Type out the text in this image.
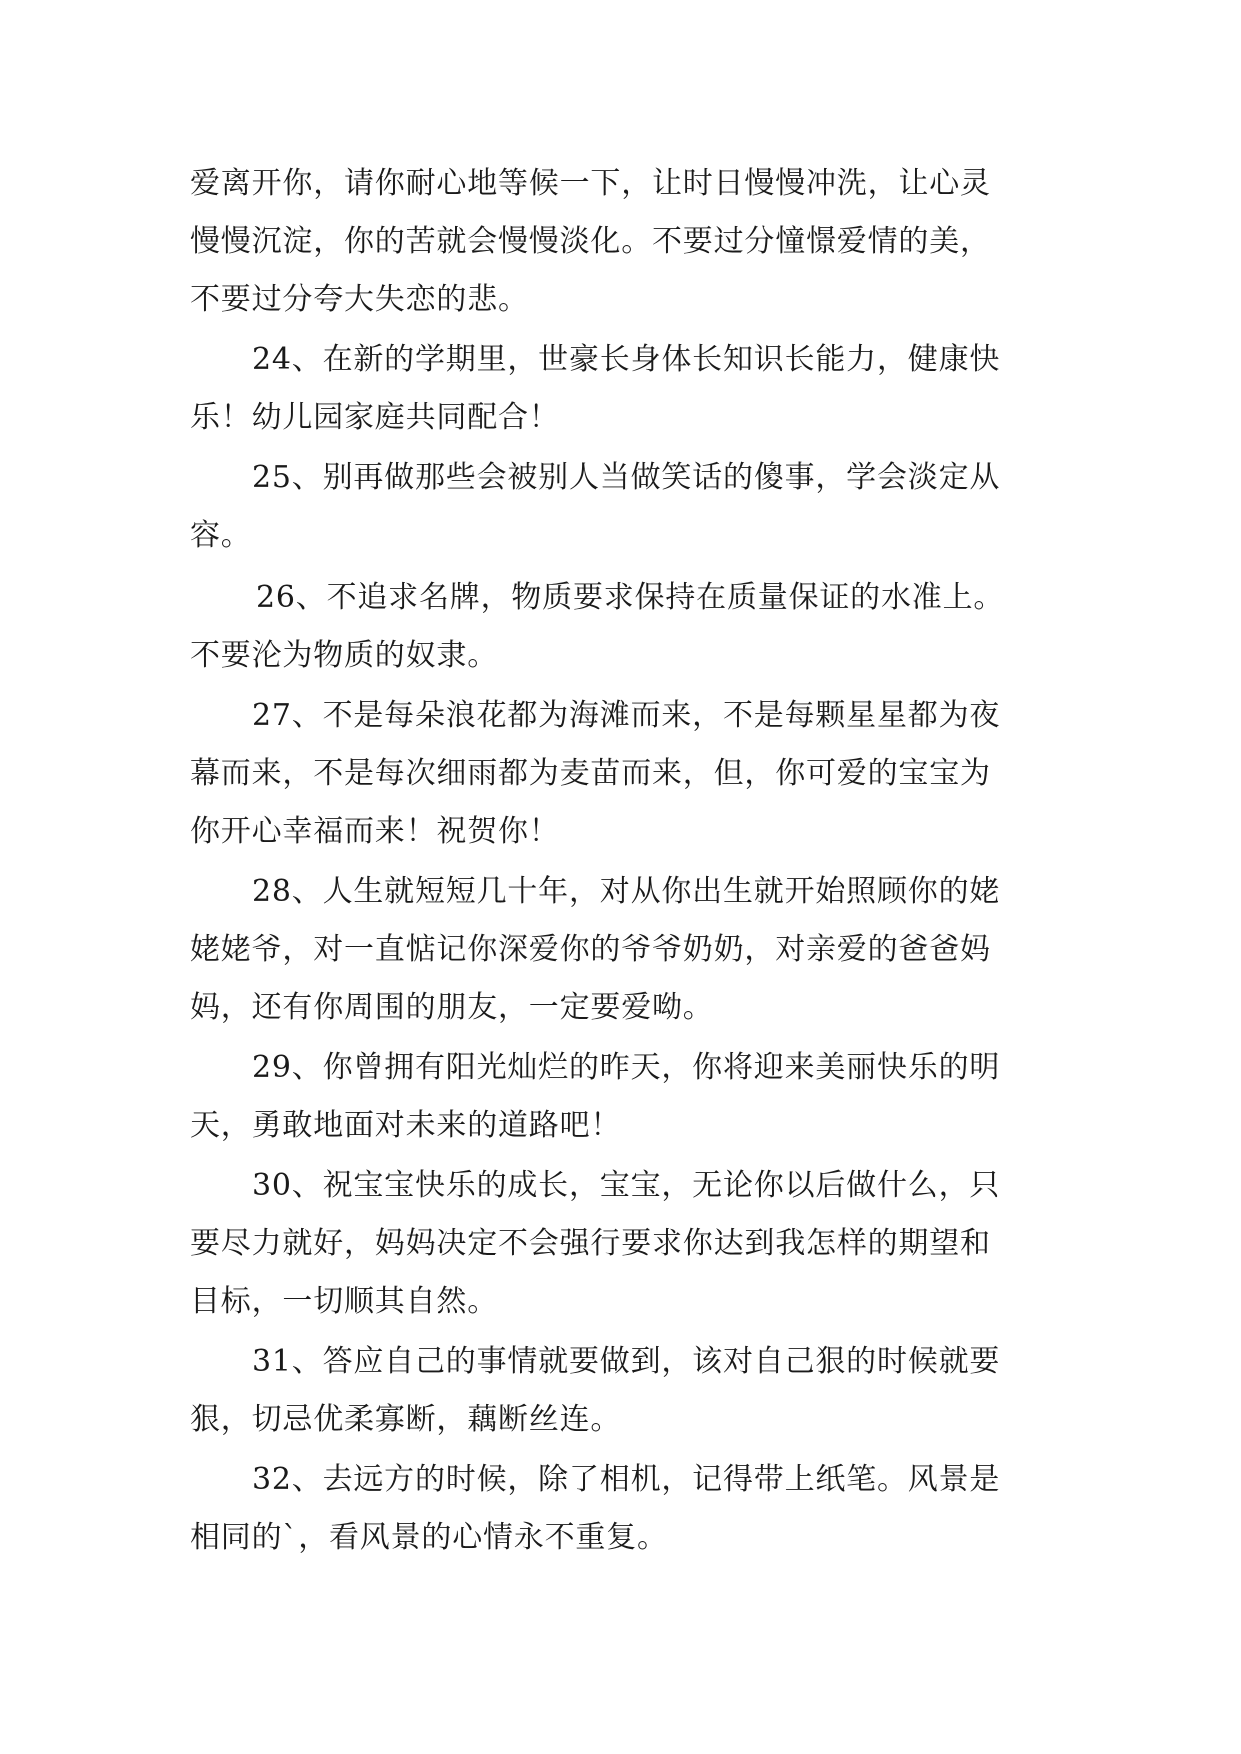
爱离开你，请你耐心地等候一下，让时日慢慢冲洗，让心灵
慢慢沉淀，你的苦就会慢慢淡化。不要过分憧憬爱情的美，
不要过分夸大失恋的悲。
24、在新的学期里，世豪长身体长知识长能力，健康快
乐！幼儿园家庭共同配合！
25、别再做那些会被别人当做笑话的傻事，学会淡定从
容。
26、不追求名牌，物质要求保持在质量保证的水准上。
不要沦为物质的奴隶。
27、不是每朵浪花都为海滩而来，不是每颗星星都为夜
幕而来，不是每次细雨都为麦苗而来，但，你可爱的宝宝为
你开心幸福而来！祝贺你！
28、人生就短短几十年，对从你出生就开始照顾你的姥
姥姥爷，对一直惦记你深爱你的爷爷奶奶，对亲爱的爸爸妈
妈，还有你周围的朋友，一定要爱呦。
29、你曾拥有阳光灿烂的昨天，你将迎来美丽快乐的明
天，勇敢地面对未来的道路吧！
30、祝宝宝快乐的成长，宝宝，无论你以后做什么，只
要尽力就好，妈妈决定不会强行要求你达到我怎样的期望和
目标，一切顺其自然。
31、答应自己的事情就要做到，该对自己狠的时候就要
狠，切忌优柔寡断，藕断丝连。
32、去远方的时候，除了相机，记得带上纸笔。风景是
相同的`，看风景的心情永不重复。
